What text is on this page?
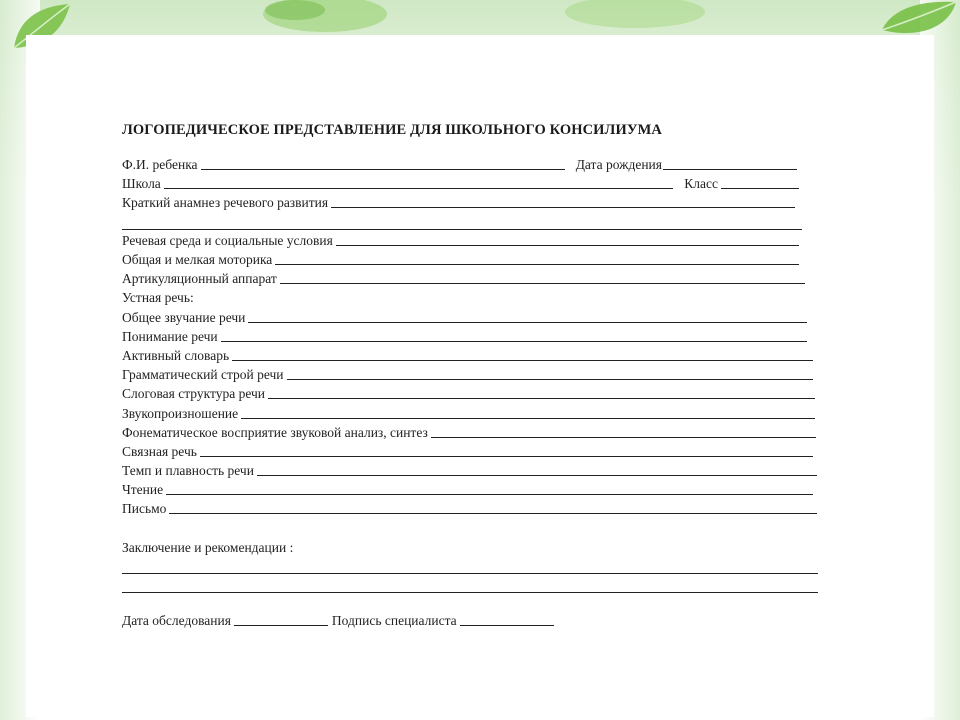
ЛОГОПЕДИЧЕСКОЕ ПРЕДСТАВЛЕНИЕ ДЛЯ ШКОЛЬНОГО КОНСИЛИУМА
Ф.И. ребенка	Дата рождения
Школа	Класс
Краткий анамнез речевого развития
Речевая среда и социальные условия
Общая и мелкая моторика
Артикуляционный аппарат
Устная речь:
Общее звучание речи
Понимание речи
Активный словарь
Грамматический строй речи
Слоговая структура речи
Звукопроизношение
Фонематическое восприятие звуковой анализ, синтез
Связная речь
Темп и плавность речи
Чтение
Письмо
Заключение и рекомендации :
Дата обследования	Подпись специалиста
